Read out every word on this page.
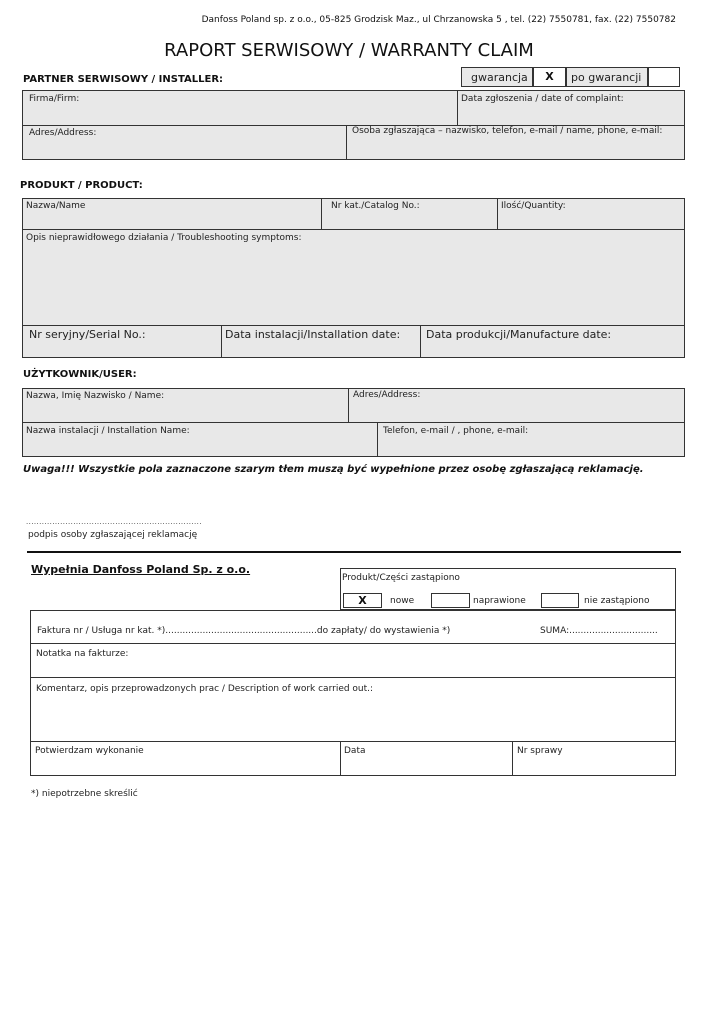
Danfoss Poland sp. z o.o., 05-825 Grodzisk Maz., ul Chrzanowska 5 , tel. (22) 7550781, fax. (22) 7550782
RAPORT SERWISOWY / WARRANTY CLAIM
gwarancja	X	po gwarancji
PARTNER SERWISOWY / INSTALLER:
Firma/Firm:	Data zgłoszenia / date of complaint:
Adres/Address:	Osoba zgłaszająca – nazwisko, telefon, e-mail / name, phone, e-mail:
PRODUKT / PRODUCT:
Nazwa/Name	Nr kat./Catalog No.:	Ilość/Quantity:
Opis nieprawidłowego działania / Troubleshooting symptoms:
Nr seryjny/Serial No.:	Data instalacji/Installation date: Data produkcji/Manufacture date:
UŻYTKOWNIK/USER:
Nazwa, Imię Nazwisko / Name:	Adres/Address:
Nazwa instalacji / Installation Name:	Telefon, e-mail / , phone, e-mail:
Uwaga!!! Wszystkie pola zaznaczone szarym tłem muszą być wypełnione przez osobę zgłaszającą reklamację.
...................................................................
podpis osoby zgłaszającej reklamację
Wypełnia Danfoss Poland Sp. z o.o.
Produkt/Części zastąpiono
X	nowe	naprawione	nie zastąpiono
Faktura nr / Usługa nr kat. *).....................................................do zapłaty/ do wystawienia *)	SUMA:...............................
Notatka na fakturze:
Komentarz, opis przeprowadzonych prac / Description of work carried out.:
Potwierdzam wykonanie	Data	Nr sprawy
*) niepotrzebne skreślić
